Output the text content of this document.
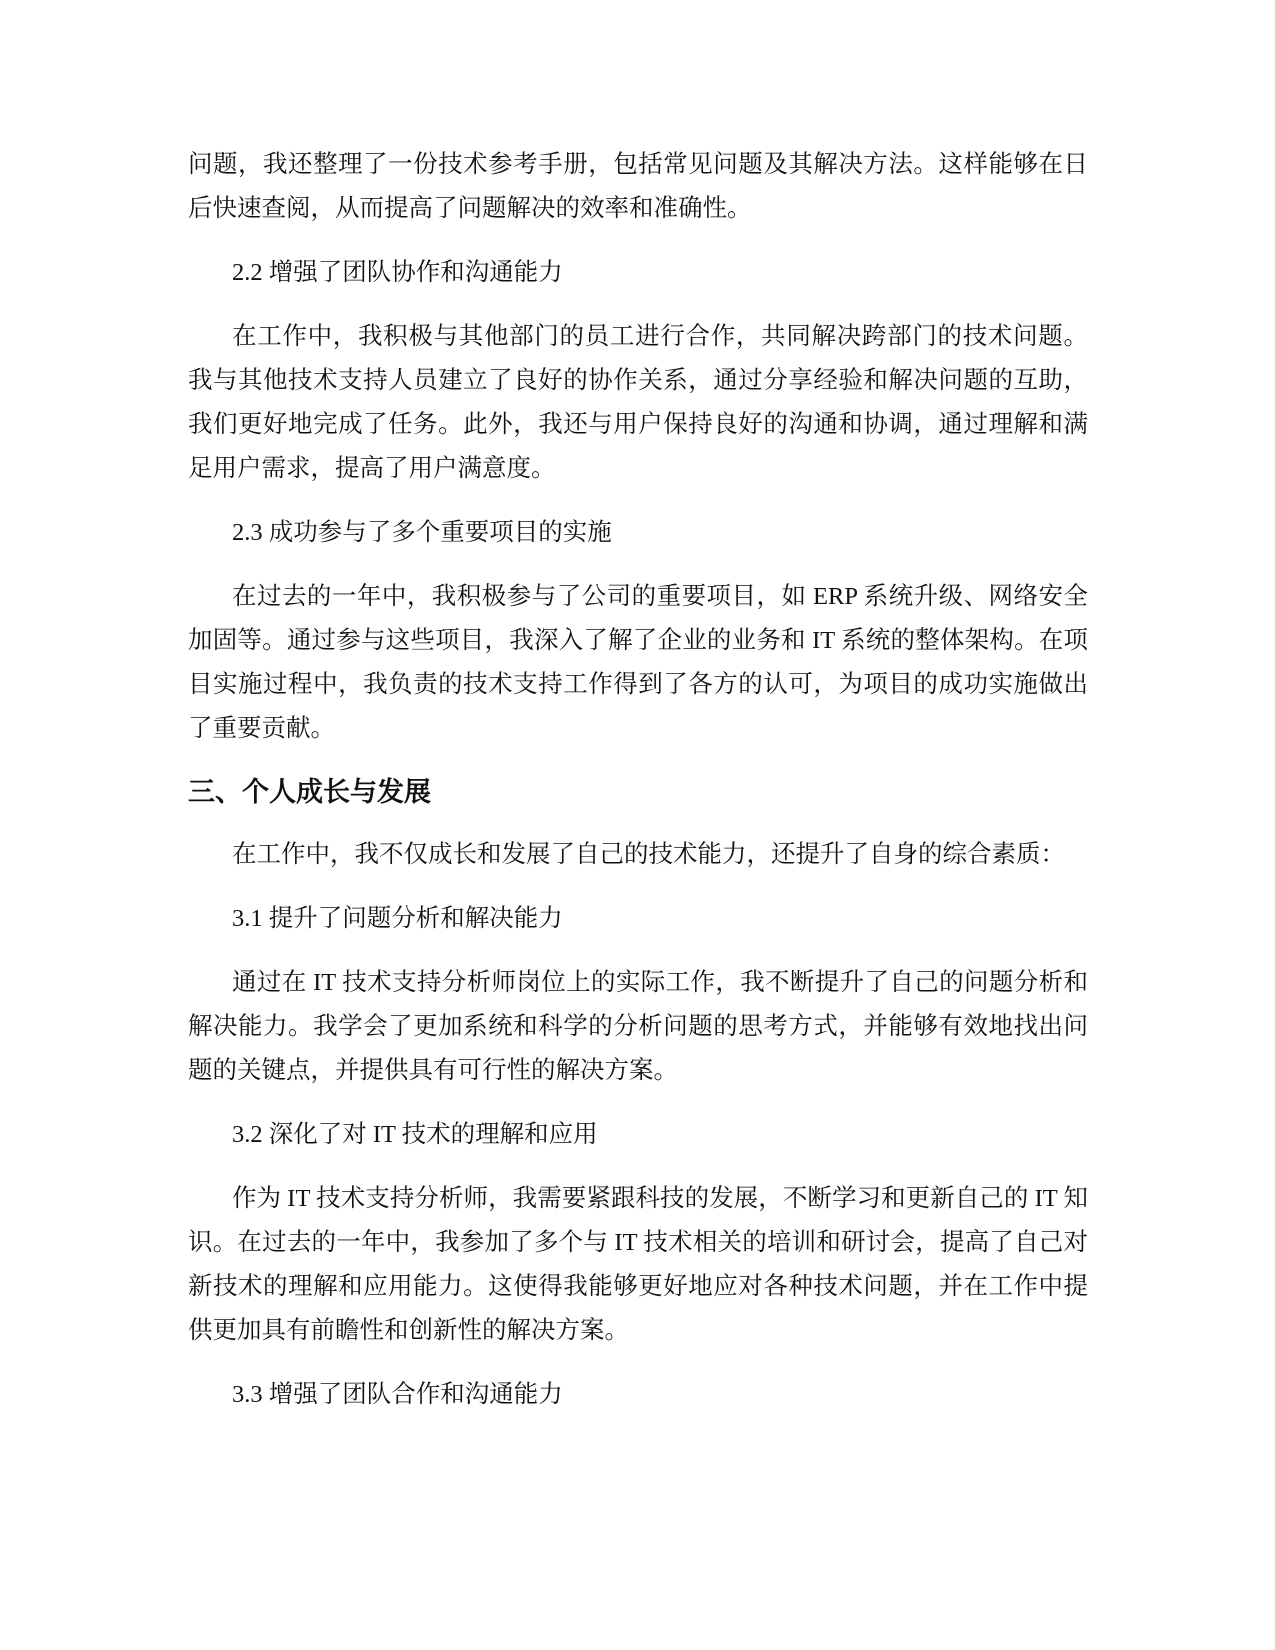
问题，我还整理了一份技术参考手册，包括常见问题及其解决方法。这样能够在日后快速查阅，从而提高了问题解决的效率和准确性。

2.2 增强了团队协作和沟通能力

在工作中，我积极与其他部门的员工进行合作，共同解决跨部门的技术问题。我与其他技术支持人员建立了良好的协作关系，通过分享经验和解决问题的互助，我们更好地完成了任务。此外，我还与用户保持良好的沟通和协调，通过理解和满足用户需求，提高了用户满意度。

2.3 成功参与了多个重要项目的实施

在过去的一年中，我积极参与了公司的重要项目，如 ERP 系统升级、网络安全加固等。通过参与这些项目，我深入了解了企业的业务和 IT 系统的整体架构。在项目实施过程中，我负责的技术支持工作得到了各方的认可，为项目的成功实施做出了重要贡献。

三、个人成长与发展

在工作中，我不仅成长和发展了自己的技术能力，还提升了自身的综合素质：

3.1 提升了问题分析和解决能力

通过在 IT 技术支持分析师岗位上的实际工作，我不断提升了自己的问题分析和解决能力。我学会了更加系统和科学的分析问题的思考方式，并能够有效地找出问题的关键点，并提供具有可行性的解决方案。

3.2 深化了对 IT 技术的理解和应用

作为 IT 技术支持分析师，我需要紧跟科技的发展，不断学习和更新自己的 IT 知识。在过去的一年中，我参加了多个与 IT 技术相关的培训和研讨会，提高了自己对新技术的理解和应用能力。这使得我能够更好地应对各种技术问题，并在工作中提供更加具有前瞻性和创新性的解决方案。

3.3 增强了团队合作和沟通能力
